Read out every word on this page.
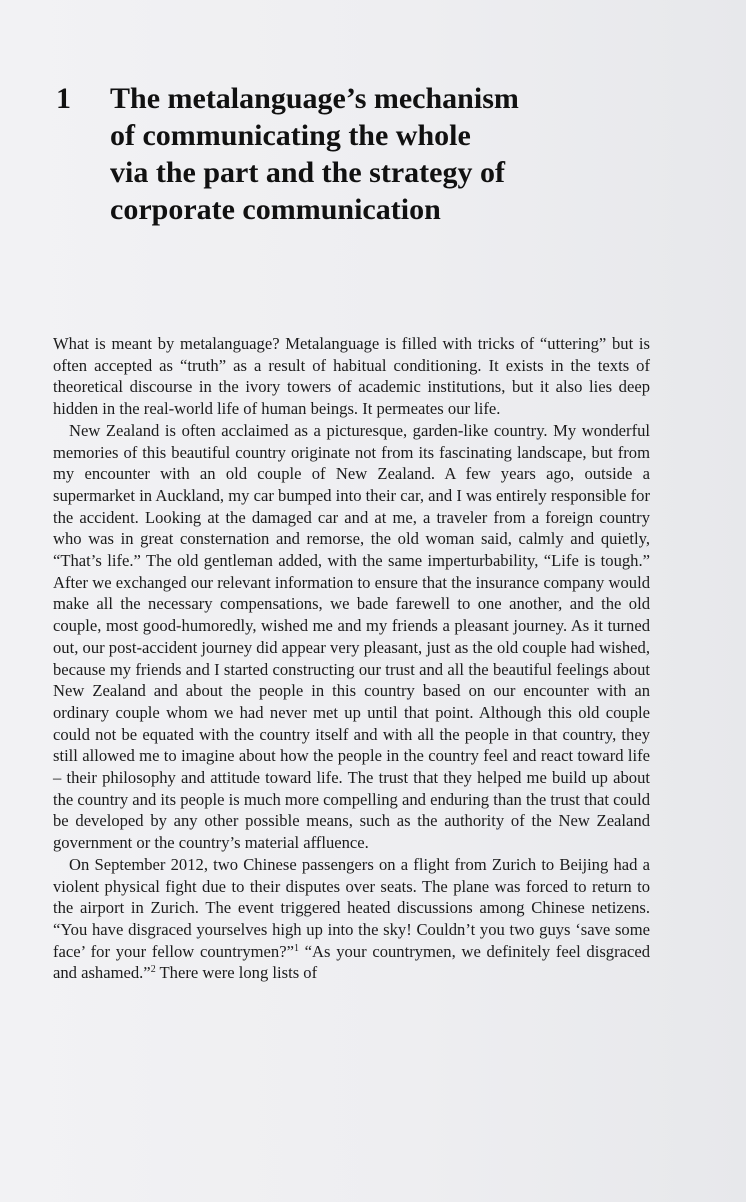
1	The metalanguage’s mechanism
of communicating the whole
via the part and the strategy of
corporate communication

What is meant by metalanguage? Metalanguage is filled with tricks of “uttering” but is often accepted as “truth” as a result of habitual conditioning. It exists in the texts of theoretical discourse in the ivory towers of academic institutions, but it also lies deep hidden in the real-world life of human beings. It permeates our life.

New Zealand is often acclaimed as a picturesque, garden-like country. My wonderful memories of this beautiful country originate not from its fascinating landscape, but from my encounter with an old couple of New Zealand. A few years ago, outside a supermarket in Auckland, my car bumped into their car, and I was entirely responsible for the accident. Looking at the damaged car and at me, a traveler from a foreign country who was in great consternation and remorse, the old woman said, calmly and quietly, “That’s life.” The old gentleman added, with the same imperturbability, “Life is tough.” After we exchanged our relevant information to ensure that the insurance company would make all the necessary compensations, we bade farewell to one another, and the old couple, most good-humoredly, wished me and my friends a pleasant journey. As it turned out, our post-accident journey did appear very pleasant, just as the old couple had wished, because my friends and I started constructing our trust and all the beautiful feelings about New Zealand and about the people in this country based on our encounter with an ordinary couple whom we had never met up until that point. Although this old couple could not be equated with the country itself and with all the people in that country, they still allowed me to imagine about how the people in the country feel and react toward life – their philosophy and attitude toward life. The trust that they helped me build up about the country and its people is much more compelling and enduring than the trust that could be developed by any other possible means, such as the authority of the New Zealand government or the country’s material affluence.

On September 2012, two Chinese passengers on a flight from Zurich to Beijing had a violent physical fight due to their disputes over seats. The plane was forced to return to the airport in Zurich. The event triggered heated discussions among Chinese netizens. “You have disgraced yourselves high up into the sky! Couldn’t you two guys ‘save some face’ for your fellow countrymen?”$^1$ “As your countrymen, we definitely feel disgraced and ashamed.”$^2$ There were long lists of
